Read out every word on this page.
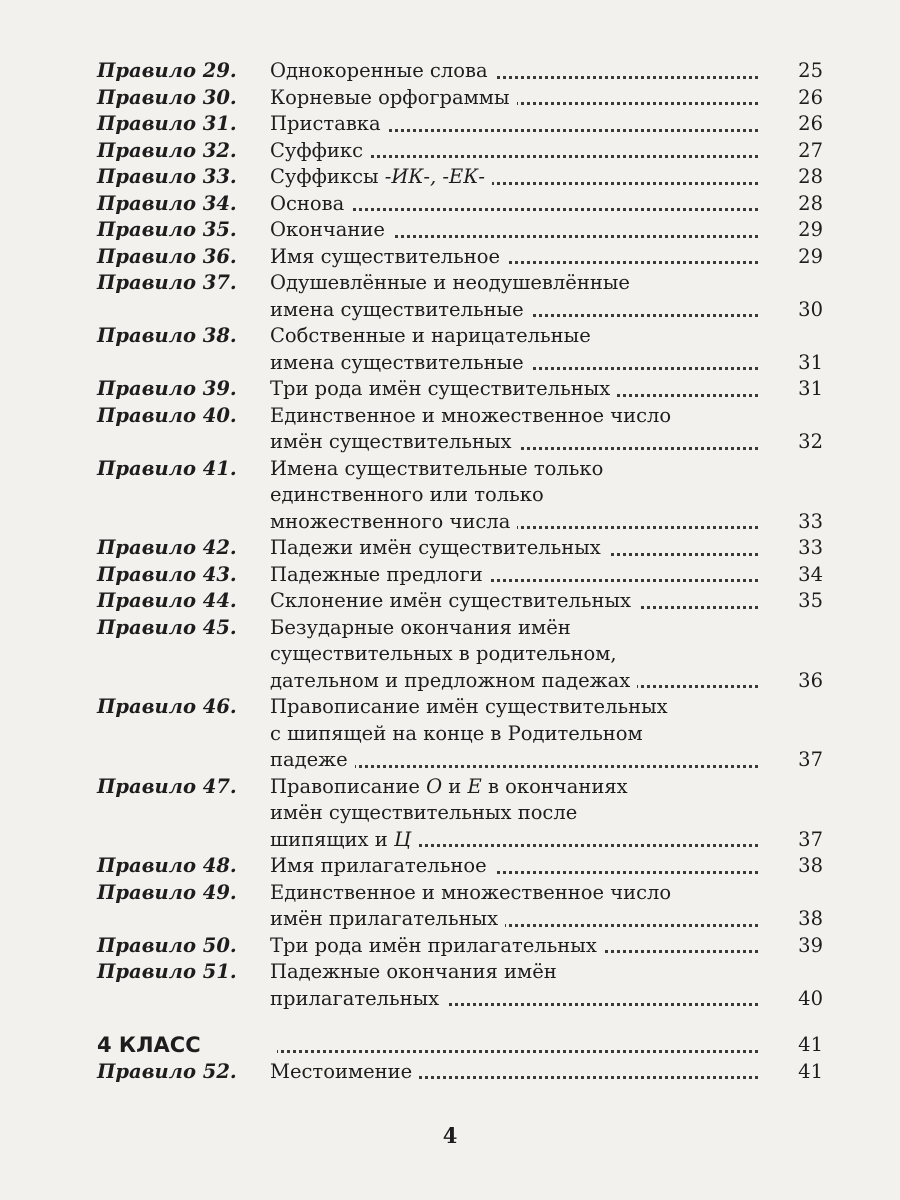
Правило 29. Однокоренные слова	25
Правило 30. Корневые орфограммы	26
Правило 31. Приставка	26
Правило 32. Суффикс	27
Правило 33. Суффиксы -ИК-, -ЕК-	28
Правило 34. Основа	28
Правило 35. Окончание	29
Правило 36. Имя существительное	29
Правило 37. Одушевлённые и неодушевлённые
имена существительные	30
Правило 38. Собственные и нарицательные
имена существительные	31
Правило 39. Три рода имён существительных	31
Правило 40. Единственное и множественное число
имён существительных	32
Правило 41. Имена существительные только
единственного или только
множественного числа	33
Правило 42. Падежи имён существительных	33
Правило 43. Падежные предлоги	34
Правило 44. Склонение имён существительных	35
Правило 45. Безударные окончания имён
существительных в родительном,
дательном и предложном падежах	36
Правило 46. Правописание имён существительных
с шипящей на конце в Родительном
падеже	37
Правило 47. Правописание О и Е в окончаниях
имён существительных после
шипящих и Ц	37
Правило 48. Имя прилагательное	38
Правило 49. Единственное и множественное число
имён прилагательных	38
Правило 50. Три рода имён прилагательных	39
Правило 51. Падежные окончания имён
прилагательных	40
4 КЛАСС	41
Правило 52. Местоимение	41
4
